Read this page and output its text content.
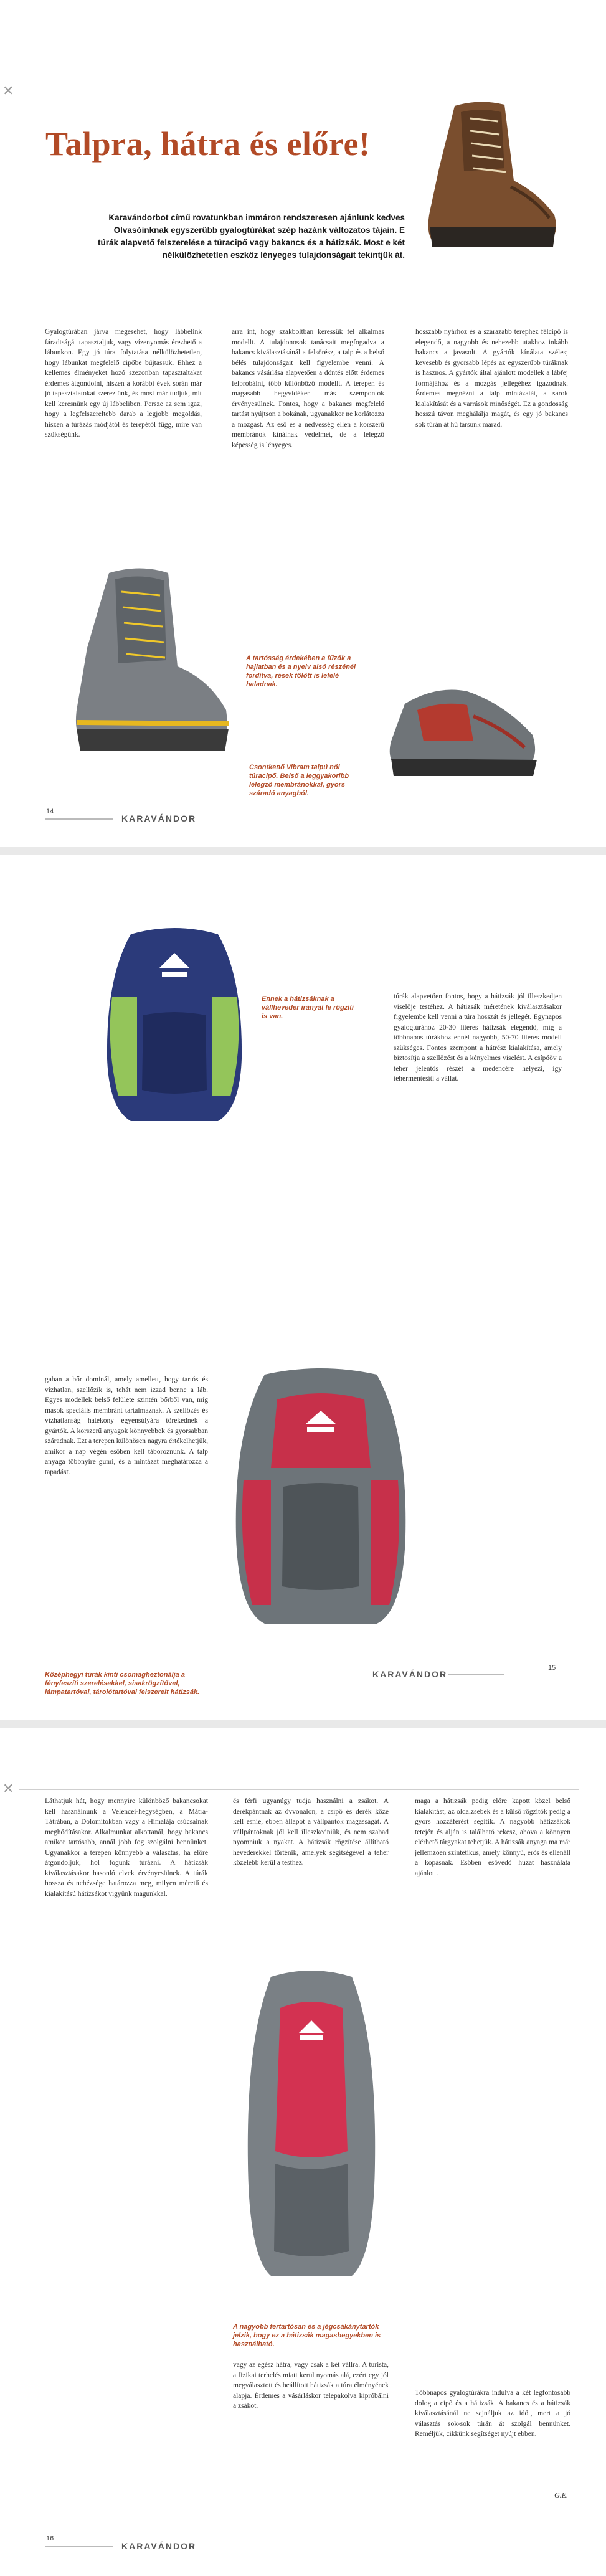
✕
Talpra, hátra és előre!
Karavándorbot című rovatunkban immáron rendszeresen ajánlunk kedves Olvasóinknak egyszerűbb gyalogtúrákat szép hazánk változatos tájain. E túrák alapvető felszerelése a túracipő vagy bakancs és a hátizsák. Most e két nélkülözhetetlen eszköz lényeges tulajdonságait tekintjük át.
Gyalogtúrában járva megesehet, hogy lábbelink fáradtságát tapasztaljuk, vagy vízenyomás érezhető a lábunkon. Egy jó túra folytatása nélkülözhetetlen, hogy lábunkat megfelelő cipőbe bújtassuk. Ehhez a kellemes élményeket hozó szezonban tapasztaltakat érdemes átgondolni, hiszen a korábbi évek során már jó tapasztalatokat szereztünk, és most már tudjuk, mit kell keresnünk egy új lábbeliben. Persze az sem igaz, hogy a legfelszereltebb darab a legjobb megoldás, hiszen a túrázás módjától és terepétől függ, mire van szükségünk.
arra int, hogy szakboltban keressük fel alkalmas modellt. A tulajdonosok tanácsait megfogadva a bakancs kiválasztásánál a felsőrész, a talp és a belső bélés tulajdonságait kell figyelembe venni. A bakancs vásárlása alapvetően a döntés előtt érdemes felpróbálni, több különböző modellt. A terepen és magasabb hegyvidéken más szempontok érvényesülnek. Fontos, hogy a bakancs megfelelő tartást nyújtson a bokának, ugyanakkor ne korlátozza a mozgást. Az eső és a nedvesség ellen a korszerű membránok kínálnak védelmet, de a lélegző képesség is lényeges.
hosszabb nyárhoz és a szárazabb terephez félcipő is elegendő, a nagyobb és nehezebb utakhoz inkább bakancs a javasolt. A gyártók kínálata széles; kevesebb és gyorsabb lépés az egyszerűbb túráknak is hasznos. A gyártók által ajánlott modellek a lábfej formájához és a mozgás jellegéhez igazodnak. Érdemes megnézni a talp mintázatát, a sarok kialakítását és a varrások minőségét. Ez a gondosság hosszú távon meghálálja magát, és egy jó bakancs sok túrán át hű társunk marad.
A tartósság érdekében a fűzők a hajlatban és a nyelv alsó részénél fordítva, rések fölött is lefelé haladnak.
Csontkenő Vibram talpú női túracipő. Belső a leggyakoribb lélegző membránokkal, gyors száradó anyagból.
14
KARAVÁNDOR
Ennek a hátizsáknak a vállheveder irányát le rögzíti is van.
túrák alapvetően fontos, hogy a hátizsák jól illeszkedjen viselője testéhez. A hátizsák méretének kiválasztásakor figyelembe kell venni a túra hosszát és jellegét. Egynapos gyalogtúrához 20-30 literes hátizsák elegendő, míg a többnapos túrákhoz ennél nagyobb, 50-70 literes modell szükséges. Fontos szempont a hátrész kialakítása, amely biztosítja a szellőzést és a kényelmes viselést. A csípőöv a teher jelentős részét a medencére helyezi, így tehermentesíti a vállat.
gaban a bőr dominál, amely amellett, hogy tartós és vízhatlan, szellőzik is, tehát nem izzad benne a láb. Egyes modellek belső felülete szintén bőrből van, míg mások speciális membránt tartalmaznak. A szellőzés és vízhatlanság hatékony egyensúlyára törekednek a gyártók. A korszerű anyagok könnyebbek és gyorsabban száradnak. Ezt a terepen különösen nagyra értékelhetjük, amikor a nap végén esőben kell táboroznunk. A talp anyaga többnyire gumi, és a mintázat meghatározza a tapadást.
Középhegyi túrák kinti csomagheztonálja a fényfeszíti szerelésekkel, sisakrögzítővel, lámpatartóval, tárolótartóval felszerelt hátizsák.
KARAVÁNDOR
15
✕
Láthatjuk hát, hogy mennyire különböző bakancsokat kell használnunk a Velencei-hegységben, a Mátra-Tátrában, a Dolomitokban vagy a Himalája csúcsainak meghódításakor. Alkalmunkat alkottanál, hogy bakancs amikor tartósabb, annál jobb fog szolgálni bennünket. Ugyanakkor a terepen könnyebb a választás, ha előre átgondoljuk, hol fogunk túrázni. A hátizsák kiválasztásakor hasonló elvek érvényesülnek. A túrák hossza és nehézsége határozza meg, milyen méretű és kialakítású hátizsákot vigyünk magunkkal.
és férfi ugyanúgy tudja használni a zsákot. A derékpántnak az övvonalon, a csípő és derék közé kell esnie, ebben állapot a vállpántok magasságát. A vállpántoknak jól kell illeszkedniük, és nem szabad nyomniuk a nyakat. A hátizsák rögzítése állítható hevederekkel történik, amelyek segítségével a teher közelebb kerül a testhez.
maga a hátizsák pedig előre kapott közel belső kialakítást, az oldalzsebek és a külső rögzítők pedig a gyors hozzáférést segítik. A nagyobb hátizsákok tetején és alján is található rekesz, ahova a könnyen elérhető tárgyakat tehetjük. A hátizsák anyaga ma már jellemzően szintetikus, amely könnyű, erős és ellenáll a kopásnak. Esőben esővédő huzat használata ajánlott.
A nagyobb fertartósan és a jégcsákánytartók jelzik, hogy ez a hátizsák magashegyekben is használható.
vagy az egész hátra, vagy csak a két vállra. A turista, a fizikai terhelés miatt kerül nyomás alá, ezért egy jól megválasztott és beállított hátizsák a túra élményének alapja. Érdemes a vásárláskor telepakolva kipróbálni a zsákot.
Többnapos gyalogtúrákra indulva a két legfontosabb dolog a cipő és a hátizsák. A bakancs és a hátizsák kiválasztásánál ne sajnáljuk az időt, mert a jó választás sok-sok túrán át szolgál bennünket. Reméljük, cikkünk segítséget nyújt ebben.
G.E.
16
KARAVÁNDOR
